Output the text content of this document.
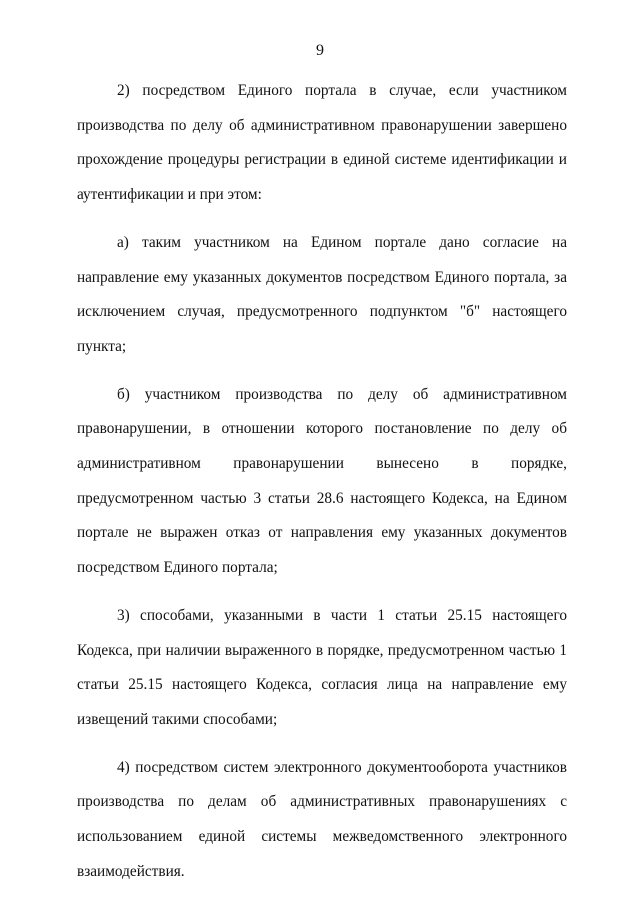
9

2) посредством Единого портала в случае, если участником производства по делу об административном правонарушении завершено прохождение процедуры регистрации в единой системе идентификации и аутентификации и при этом:

а) таким участником на Едином портале дано согласие на направление ему указанных документов посредством Единого портала, за исключением случая, предусмотренного подпунктом "б" настоящего пункта;

б) участником производства по делу об административном правонарушении, в отношении которого постановление по делу об административном правонарушении вынесено в порядке, предусмотренном частью 3 статьи 28.6 настоящего Кодекса, на Едином портале не выражен отказ от направления ему указанных документов посредством Единого портала;

3) способами, указанными в части 1 статьи 25.15 настоящего Кодекса, при наличии выраженного в порядке, предусмотренном частью 1 статьи 25.15 настоящего Кодекса, согласия лица на направление ему извещений такими способами;

4) посредством систем электронного документооборота участников производства по делам об административных правонарушениях с использованием единой системы межведомственного электронного взаимодействия.
